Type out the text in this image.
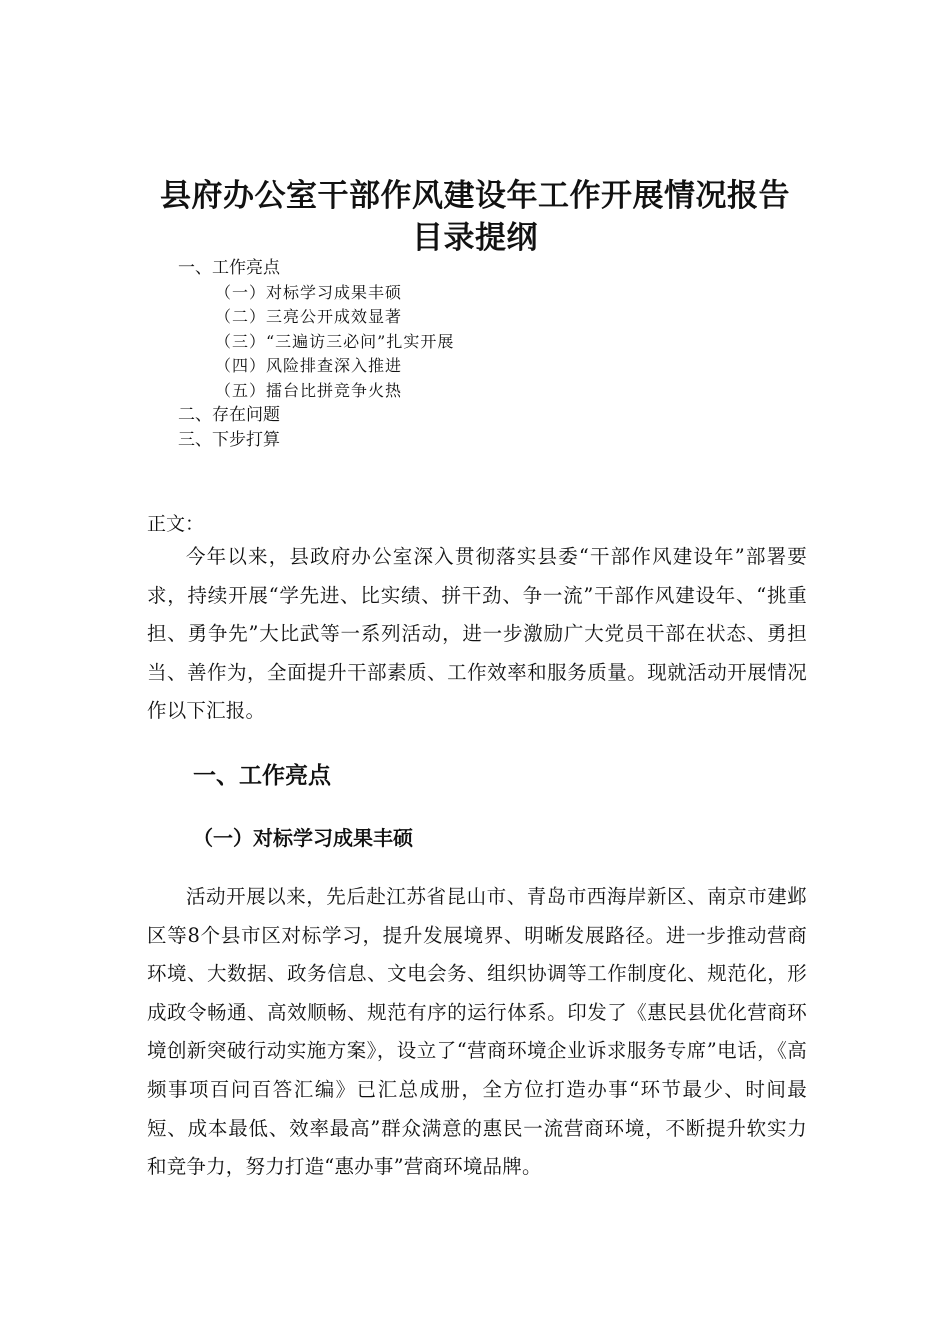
县府办公室干部作风建设年工作开展情况报告
目录提纲
一、工作亮点
（一）对标学习成果丰硕
（二）三亮公开成效显著
（三）“三遍访三必问”扎实开展
（四）风险排查深入推进
（五）擂台比拼竞争火热
二、存在问题
三、下步打算

正文：

今年以来，县政府办公室深入贯彻落实县委“干部作风建设年”部署要求，持续开展“学先进、比实绩、拼干劲、争一流”干部作风建设年、“挑重担、勇争先”大比武等一系列活动，进一步激励广大党员干部在状态、勇担当、善作为，全面提升干部素质、工作效率和服务质量。现就活动开展情况作以下汇报。

一、工作亮点
（一）对标学习成果丰硕

活动开展以来，先后赴江苏省昆山市、青岛市西海岸新区、南京市建邺区等8个县市区对标学习，提升发展境界、明晰发展路径。进一步推动营商环境、大数据、政务信息、文电会务、组织协调等工作制度化、规范化，形成政令畅通、高效顺畅、规范有序的运行体系。印发了《惠民县优化营商环境创新突破行动实施方案》，设立了“营商环境企业诉求服务专席”电话，《高频事项百问百答汇编》已汇总成册，全方位打造办事“环节最少、时间最短、成本最低、效率最高”群众满意的惠民一流营商环境，不断提升软实力和竞争力，努力打造“惠办事”营商环境品牌。
